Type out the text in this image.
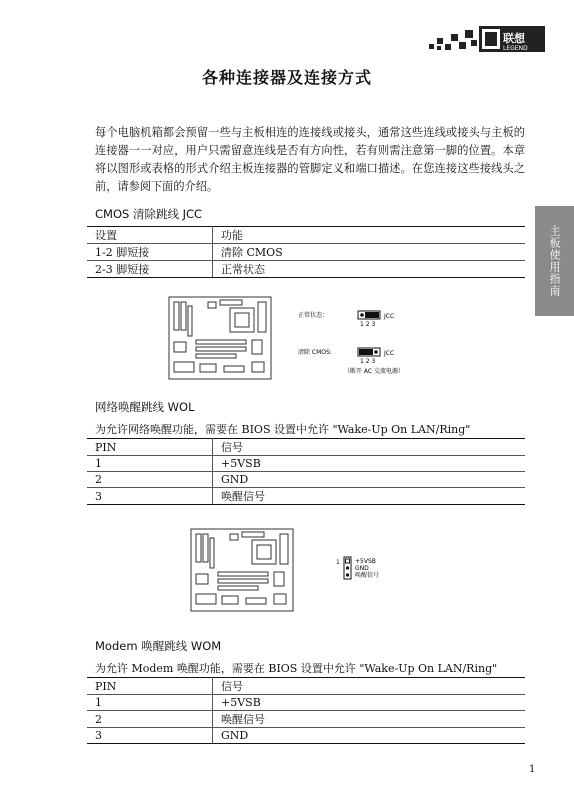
联想
LEGEND
各种连接器及连接方式
每个电脑机箱都会预留一些与主板相连的连接线或接头，通常这些连线或接头与主板的连接器一一对应，用户只需留意连线是否有方向性，若有则需注意第一脚的位置。本章将以图形或表格的形式介绍主板连接器的管脚定义和端口描述。在您连接这些接线头之前，请参阅下面的介绍。
主板使用指南
CMOS 清除跳线 JCC
设置	功能
1-2 脚短接	清除 CMOS
2-3 脚短接	正常状态
正常状态：	JCC
1 2 3
清除 CMOS:	JCC
1 2 3
（断开 AC 交流电源）
网络唤醒跳线 WOL
为允许网络唤醒功能，需要在 BIOS 设置中允许 "Wake-Up On LAN/Ring"
PIN	信号
1	+5VSB
2	GND
3	唤醒信号
1	+5VSB
GND
唤醒信号
Modem 唤醒跳线 WOM
为允许 Modem 唤醒功能，需要在 BIOS 设置中允许 "Wake-Up On LAN/Ring"
PIN	信号
1	+5VSB
2	唤醒信号
3	GND
1
